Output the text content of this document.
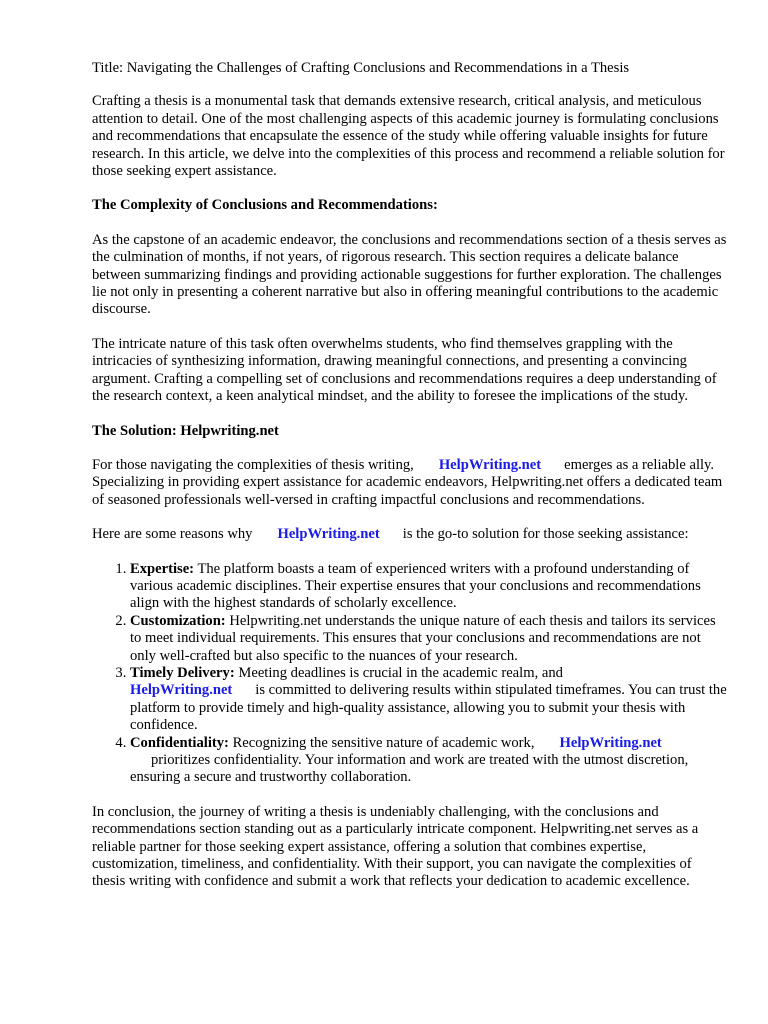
Title: Navigating the Challenges of Crafting Conclusions and Recommendations in a Thesis

Crafting a thesis is a monumental task that demands extensive research, critical analysis, and meticulous attention to detail. One of the most challenging aspects of this academic journey is formulating conclusions and recommendations that encapsulate the essence of the study while offering valuable insights for future research. In this article, we delve into the complexities of this process and recommend a reliable solution for those seeking expert assistance.

The Complexity of Conclusions and Recommendations:

As the capstone of an academic endeavor, the conclusions and recommendations section of a thesis serves as the culmination of months, if not years, of rigorous research. This section requires a delicate balance between summarizing findings and providing actionable suggestions for further exploration. The challenges lie not only in presenting a coherent narrative but also in offering meaningful contributions to the academic discourse.

The intricate nature of this task often overwhelms students, who find themselves grappling with the intricacies of synthesizing information, drawing meaningful connections, and presenting a convincing argument. Crafting a compelling set of conclusions and recommendations requires a deep understanding of the research context, a keen analytical mindset, and the ability to foresee the implications of the study.

The Solution: Helpwriting.net

For those navigating the complexities of thesis writing, HelpWriting.net emerges as a reliable ally. Specializing in providing expert assistance for academic endeavors, Helpwriting.net offers a dedicated team of seasoned professionals well-versed in crafting impactful conclusions and recommendations.

Here are some reasons why HelpWriting.net is the go-to solution for those seeking assistance:

1. Expertise: The platform boasts a team of experienced writers with a profound understanding of various academic disciplines. Their expertise ensures that your conclusions and recommendations align with the highest standards of scholarly excellence.
2. Customization: Helpwriting.net understands the unique nature of each thesis and tailors its services to meet individual requirements. This ensures that your conclusions and recommendations are not only well-crafted but also specific to the nuances of your research.
3. Timely Delivery: Meeting deadlines is crucial in the academic realm, and
HelpWriting.net is committed to delivering results within stipulated timeframes. You can trust the platform to provide timely and high-quality assistance, allowing you to submit your thesis with confidence.
4. Confidentiality: Recognizing the sensitive nature of academic work, HelpWriting.net
prioritizes confidentiality. Your information and work are treated with the utmost discretion, ensuring a secure and trustworthy collaboration.

In conclusion, the journey of writing a thesis is undeniably challenging, with the conclusions and recommendations section standing out as a particularly intricate component. Helpwriting.net serves as a reliable partner for those seeking expert assistance, offering a solution that combines expertise, customization, timeliness, and confidentiality. With their support, you can navigate the complexities of thesis writing with confidence and submit a work that reflects your dedication to academic excellence.
